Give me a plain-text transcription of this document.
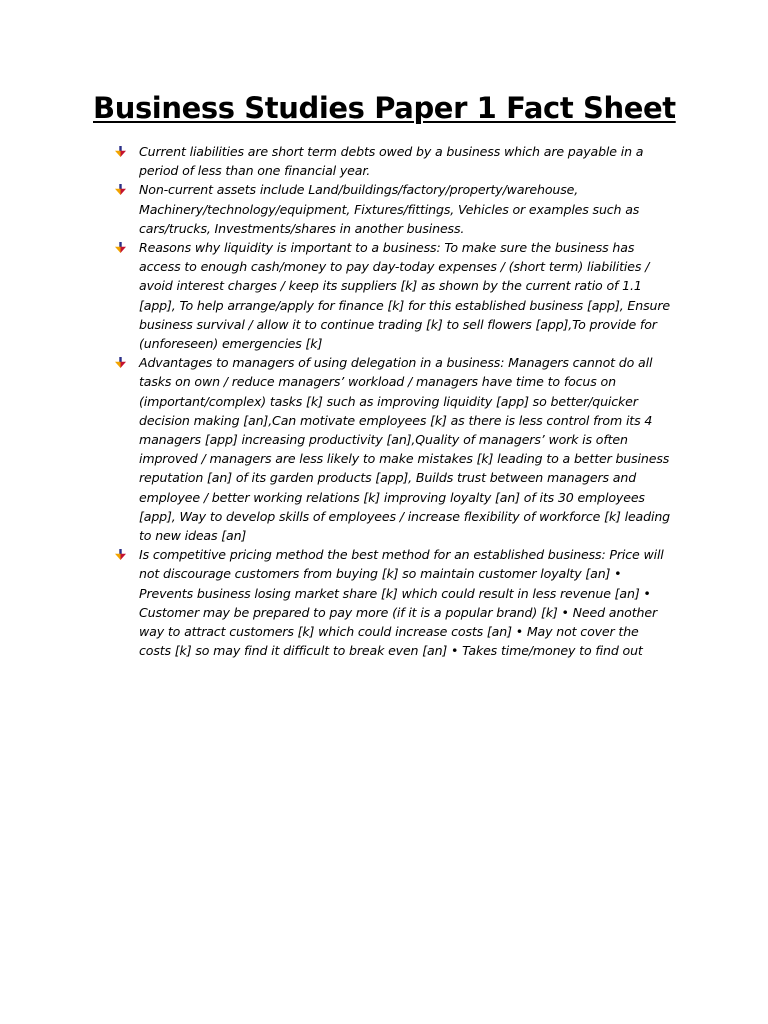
Business Studies Paper 1 Fact Sheet
Current liabilities are short term debts owed by a business which are payable in a period of less than one financial year.
Non-current assets include Land/buildings/factory/property/warehouse, Machinery/technology/equipment, Fixtures/fittings, Vehicles or examples such as cars/trucks, Investments/shares in another business.
Reasons why liquidity is important to a business: To make sure the business has access to enough cash/money to pay day-today expenses / (short term) liabilities / avoid interest charges / keep its suppliers [k] as shown by the current ratio of 1.1 [app], To help arrange/apply for finance [k] for this established business [app], Ensure business survival / allow it to continue trading [k] to sell flowers [app],To provide for (unforeseen) emergencies [k]
Advantages to managers of using delegation in a business: Managers cannot do all tasks on own / reduce managers’ workload / managers have time to focus on (important/complex) tasks [k] such as improving liquidity [app] so better/quicker decision making [an],Can motivate employees [k] as there is less control from its 4 managers [app] increasing productivity [an],Quality of managers’ work is often improved / managers are less likely to make mistakes [k] leading to a better business reputation [an] of its garden products [app], Builds trust between managers and employee / better working relations [k] improving loyalty [an] of its 30 employees [app], Way to develop skills of employees / increase flexibility of workforce [k] leading to new ideas [an]
Is competitive pricing method the best method for an established business: Price will not discourage customers from buying [k] so maintain customer loyalty [an] • Prevents business losing market share [k] which could result in less revenue [an] • Customer may be prepared to pay more (if it is a popular brand) [k] • Need another way to attract customers [k] which could increase costs [an] • May not cover the costs [k] so may find it difficult to break even [an] • Takes time/money to find out
